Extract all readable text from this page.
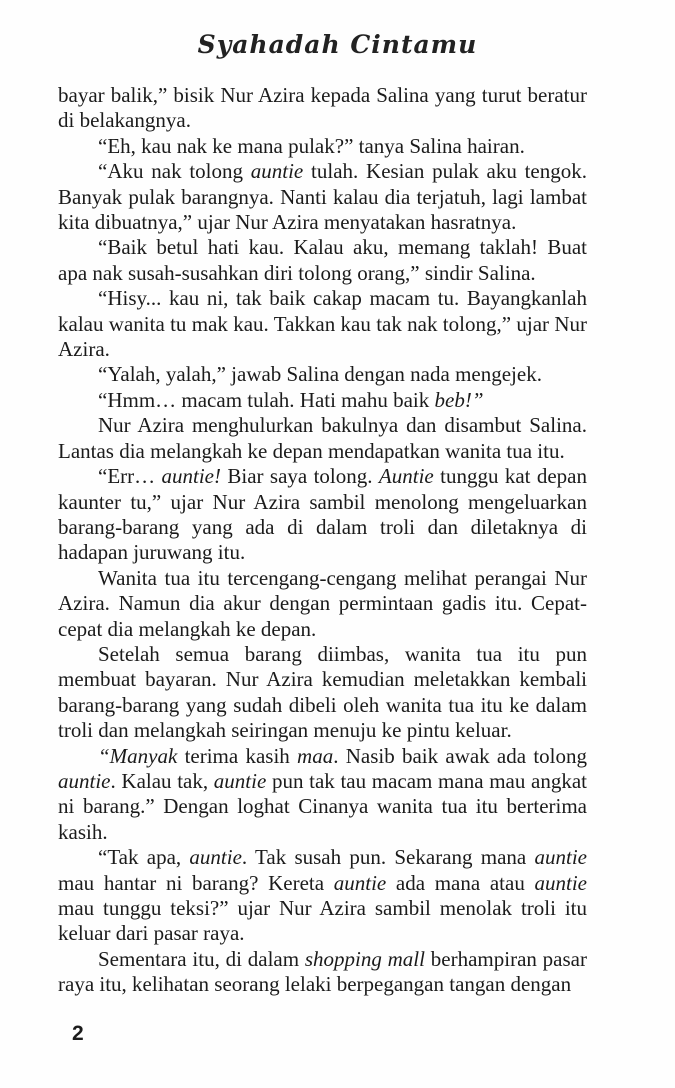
Syahadah Cintamu

bayar balik,” bisik Nur Azira kepada Salina yang turut beratur di belakangnya.

“Eh, kau nak ke mana pulak?” tanya Salina hairan.

“Aku nak tolong auntie tulah. Kesian pulak aku tengok. Banyak pulak barangnya. Nanti kalau dia terjatuh, lagi lambat kita dibuatnya,” ujar Nur Azira menyatakan hasratnya.

“Baik betul hati kau. Kalau aku, memang taklah! Buat apa nak susah-susahkan diri tolong orang,” sindir Salina.

“Hisy... kau ni, tak baik cakap macam tu. Bayangkanlah kalau wanita tu mak kau. Takkan kau tak nak tolong,” ujar Nur Azira.

“Yalah, yalah,” jawab Salina dengan nada mengejek.

“Hmm… macam tulah. Hati mahu baik beb!”

Nur Azira menghulurkan bakulnya dan disambut Salina. Lantas dia melangkah ke depan mendapatkan wanita tua itu.

“Err… auntie! Biar saya tolong. Auntie tunggu kat depan kaunter tu,” ujar Nur Azira sambil menolong mengeluarkan barang-barang yang ada di dalam troli dan diletaknya di hadapan juruwang itu.

Wanita tua itu tercengang-cengang melihat perangai Nur Azira. Namun dia akur dengan permintaan gadis itu. Cepat-cepat dia melangkah ke depan.

Setelah semua barang diimbas, wanita tua itu pun membuat bayaran. Nur Azira kemudian meletakkan kembali barang-barang yang sudah dibeli oleh wanita tua itu ke dalam troli dan melangkah seiringan menuju ke pintu keluar.

“Manyak terima kasih maa. Nasib baik awak ada tolong auntie. Kalau tak, auntie pun tak tau macam mana mau angkat ni barang.” Dengan loghat Cinanya wanita tua itu berterima kasih.

“Tak apa, auntie. Tak susah pun. Sekarang mana auntie mau hantar ni barang? Kereta auntie ada mana atau auntie mau tunggu teksi?” ujar Nur Azira sambil menolak troli itu keluar dari pasar raya.

Sementara itu, di dalam shopping mall berhampiran pasar raya itu, kelihatan seorang lelaki berpegangan tangan dengan

2
